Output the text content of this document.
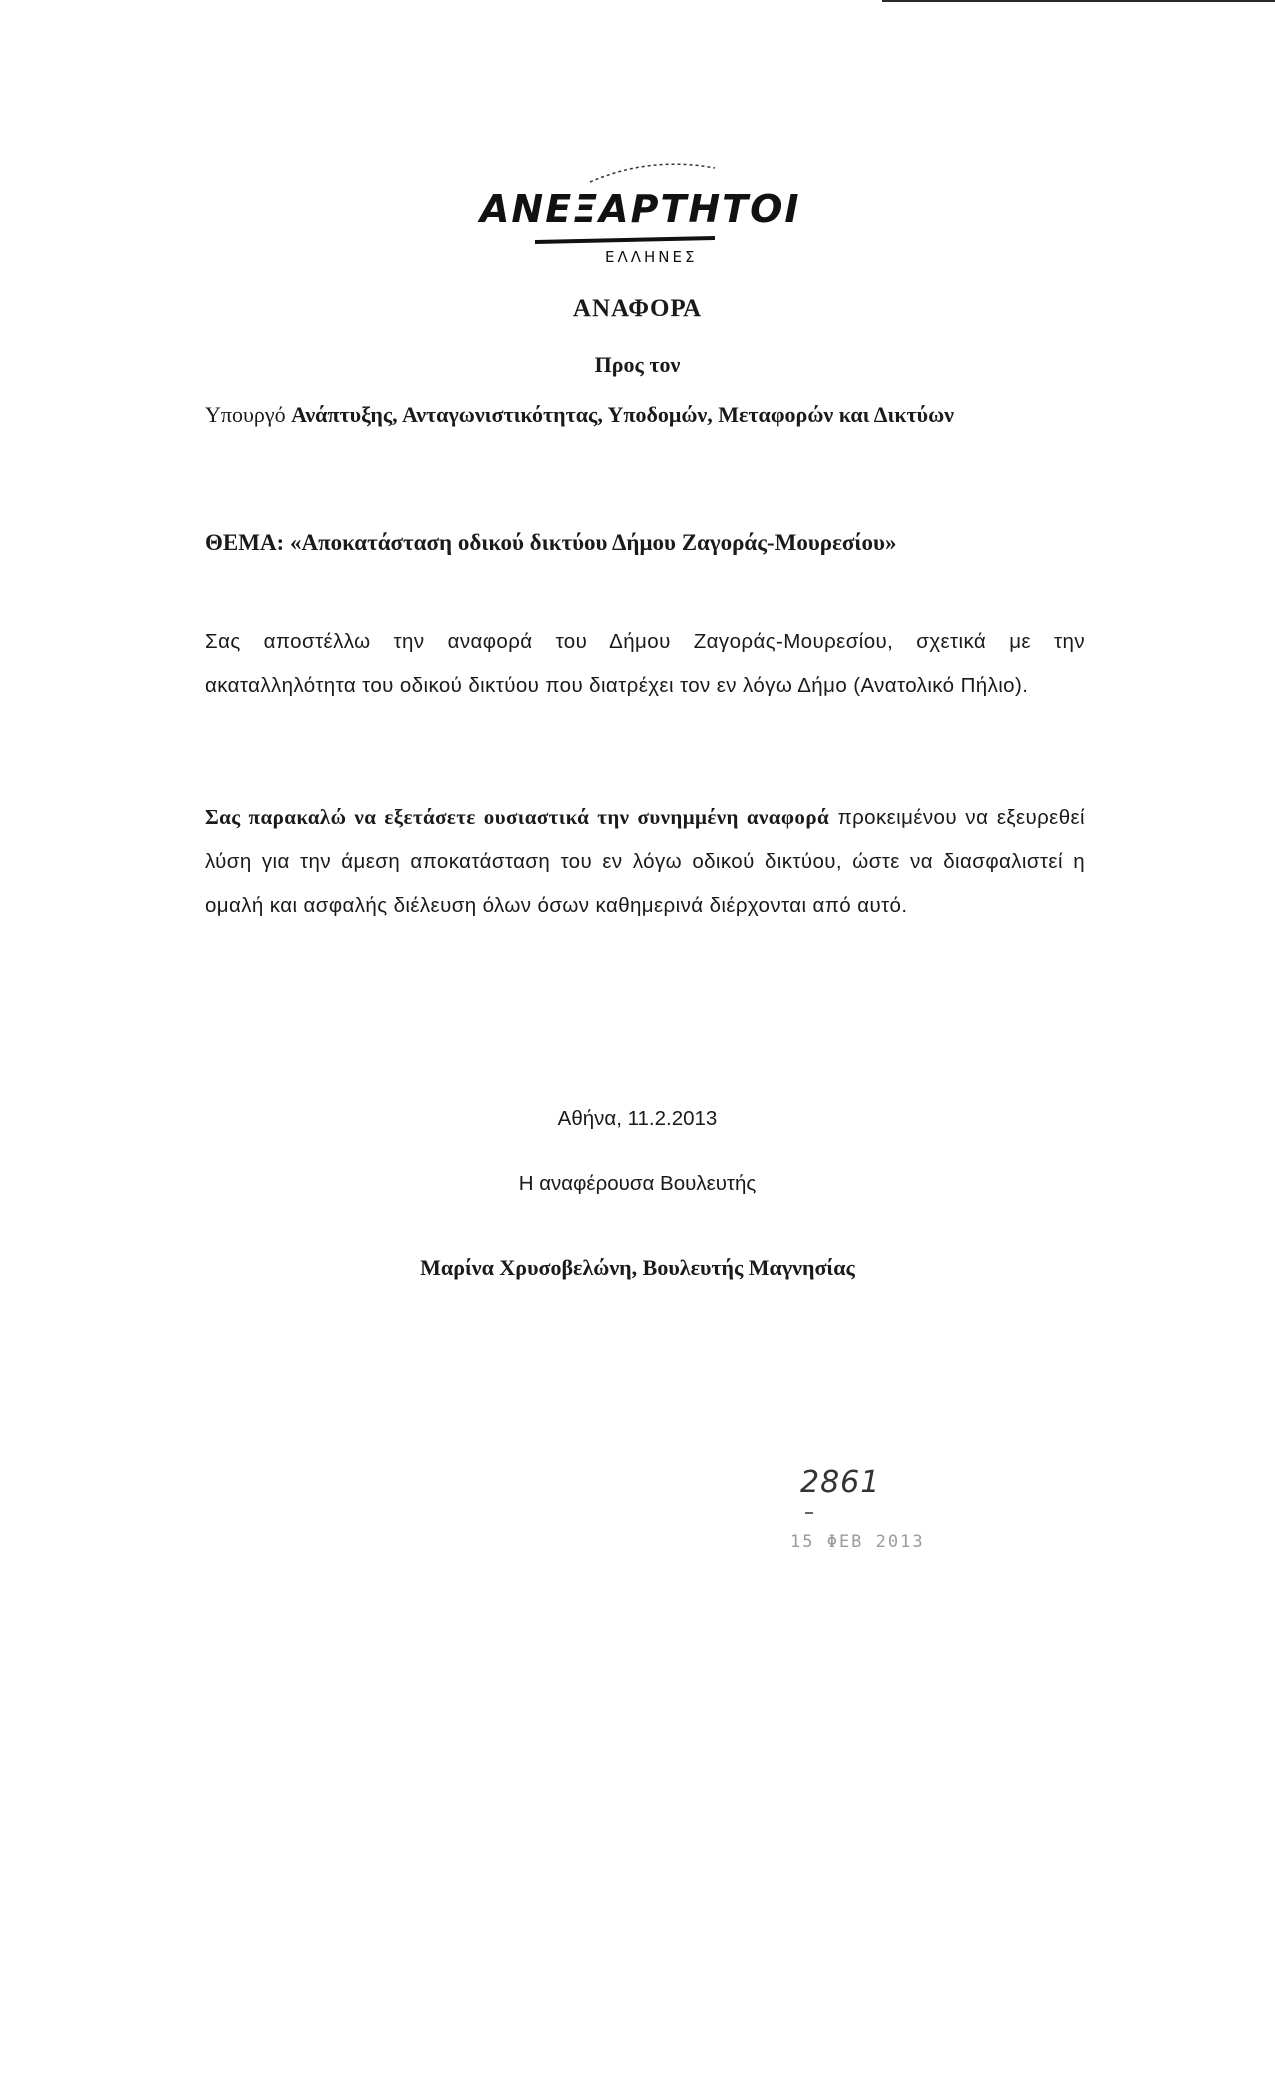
ΑΝΕΞΑΡΤΗΤΟΙ
ΕΛΛΗΝΕΣ
ΑΝΑΦΟΡΑ
Προς τον
Υπουργό Ανάπτυξης, Ανταγωνιστικότητας, Υποδομών, Μεταφορών και Δικτύων
ΘΕΜΑ: «Αποκατάσταση οδικού δικτύου Δήμου Ζαγοράς-Μουρεσίου»
Σας αποστέλλω την αναφορά του Δήμου Ζαγοράς-Μουρεσίου, σχετικά με την ακαταλληλότητα του οδικού δικτύου που διατρέχει τον εν λόγω Δήμο (Ανατολικό Πήλιο).
Σας παρακαλώ να εξετάσετε ουσιαστικά την συνημμένη αναφορά προκειμένου να εξευρεθεί λύση για την άμεση αποκατάσταση του εν λόγω οδικού δικτύου, ώστε να διασφαλιστεί η ομαλή και ασφαλής διέλευση όλων όσων καθημερινά διέρχονται από αυτό.
Αθήνα, 11.2.2013
Η αναφέρουσα Βουλευτής
Μαρίνα Χρυσοβελώνη, Βουλευτής Μαγνησίας
2861
15 ΦΕΒ 2013
